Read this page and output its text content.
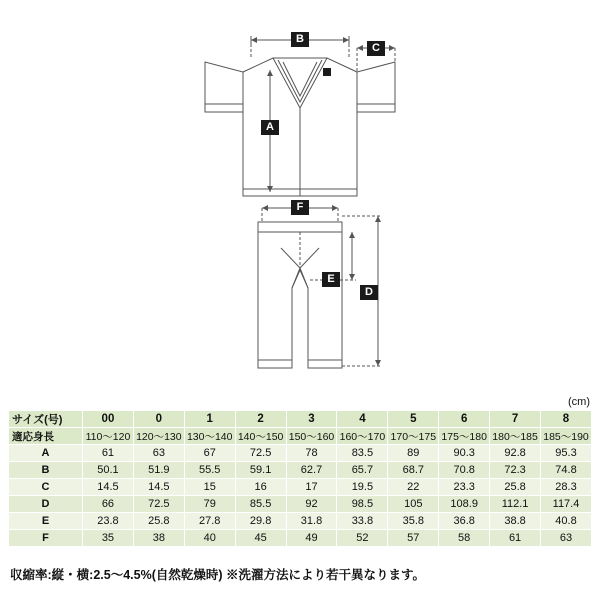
B
C
A
F
E
D
(cm)
サイズ(号)	00	0	1	2	3	4	5	6	7	8
適応身長	110〜120	120〜130	130〜140	140〜150	150〜160	160〜170	170〜175	175〜180	180〜185	185〜190
A	61	63	67	72.5	78	83.5	89	90.3	92.8	95.3
B	50.1	51.9	55.5	59.1	62.7	65.7	68.7	70.8	72.3	74.8
C	14.5	14.5	15	16	17	19.5	22	23.3	25.8	28.3
D	66	72.5	79	85.5	92	98.5	105	108.9	112.1	117.4
E	23.8	25.8	27.8	29.8	31.8	33.8	35.8	36.8	38.8	40.8
F	35	38	40	45	49	52	57	58	61	63
収縮率:縦・横:2.5〜4.5%(自然乾燥時) ※洗濯方法により若干異なります。
